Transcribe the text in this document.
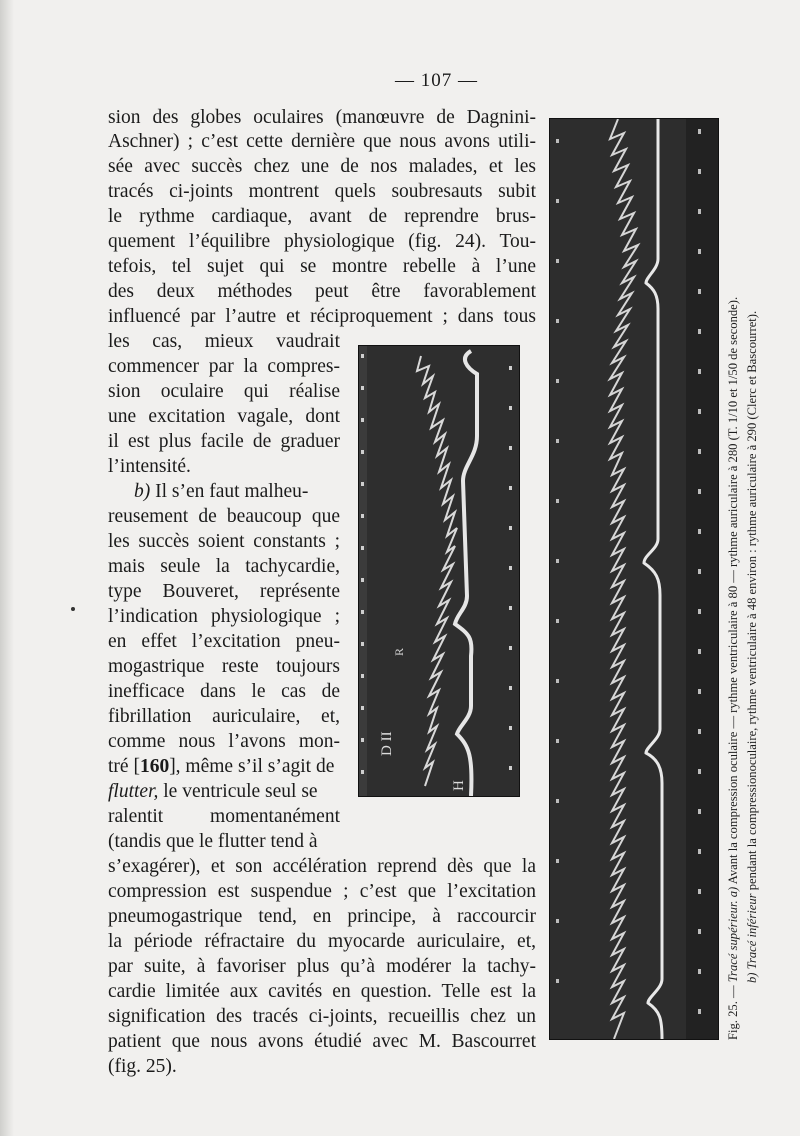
— 107 —
sion des globes oculaires (manœuvre de Dagnini-
Aschner) ; c’est cette dernière que nous avons utili-
sée avec succès chez une de nos malades, et les
tracés ci-joints montrent quels soubresauts subit
le rythme cardiaque, avant de reprendre brus-
quement l’équilibre physiologique (fig. 24). Tou-
tefois, tel sujet qui se montre rebelle à l’une
des deux méthodes peut être favorablement
influencé par l’autre et réciproquement ; dans tous
les cas, mieux vaudrait
commencer par la compres-
sion oculaire qui réalise
une excitation vagale, dont
il est plus facile de graduer
l’intensité.
b) Il s’en faut malheu-
reusement de beaucoup que
les succès soient constants ;
mais seule la tachycardie,
type Bouveret, représente
l’indication physiologique ;
en effet l’excitation pneu-
mogastrique reste toujours
inefficace dans le cas de
fibrillation auriculaire, et,
comme nous l’avons mon-
tré [160], même s’il s’agit de
flutter, le ventricule seul se
ralentit momentanément
(tandis que le flutter tend à
s’exagérer), et son accélération reprend dès que la
compression est suspendue ; c’est que l’excitation
pneumogastrique tend, en principe, à raccourcir
la période réfractaire du myocarde auriculaire, et,
par suite, à favoriser plus qu’à modérer la tachy-
cardie limitée aux cavités en question. Telle est la
signification des tracés ci-joints, recueillis chez un
patient que nous avons étudié avec M. Bascourret
(fig. 25).
D II
H
R
Fig. 25. — Tracé supérieur. a) Avant la compression oculaire — rythme ventriculaire à 80 — rythme auriculaire à 280 (T. 1/10 et 1/50 de seconde).
b) Tracé inférieur pendant la compressionoculaire, rythme ventriculaire à 48 environ : rythme auriculaire à 290 (Clerc et Bascourret).
